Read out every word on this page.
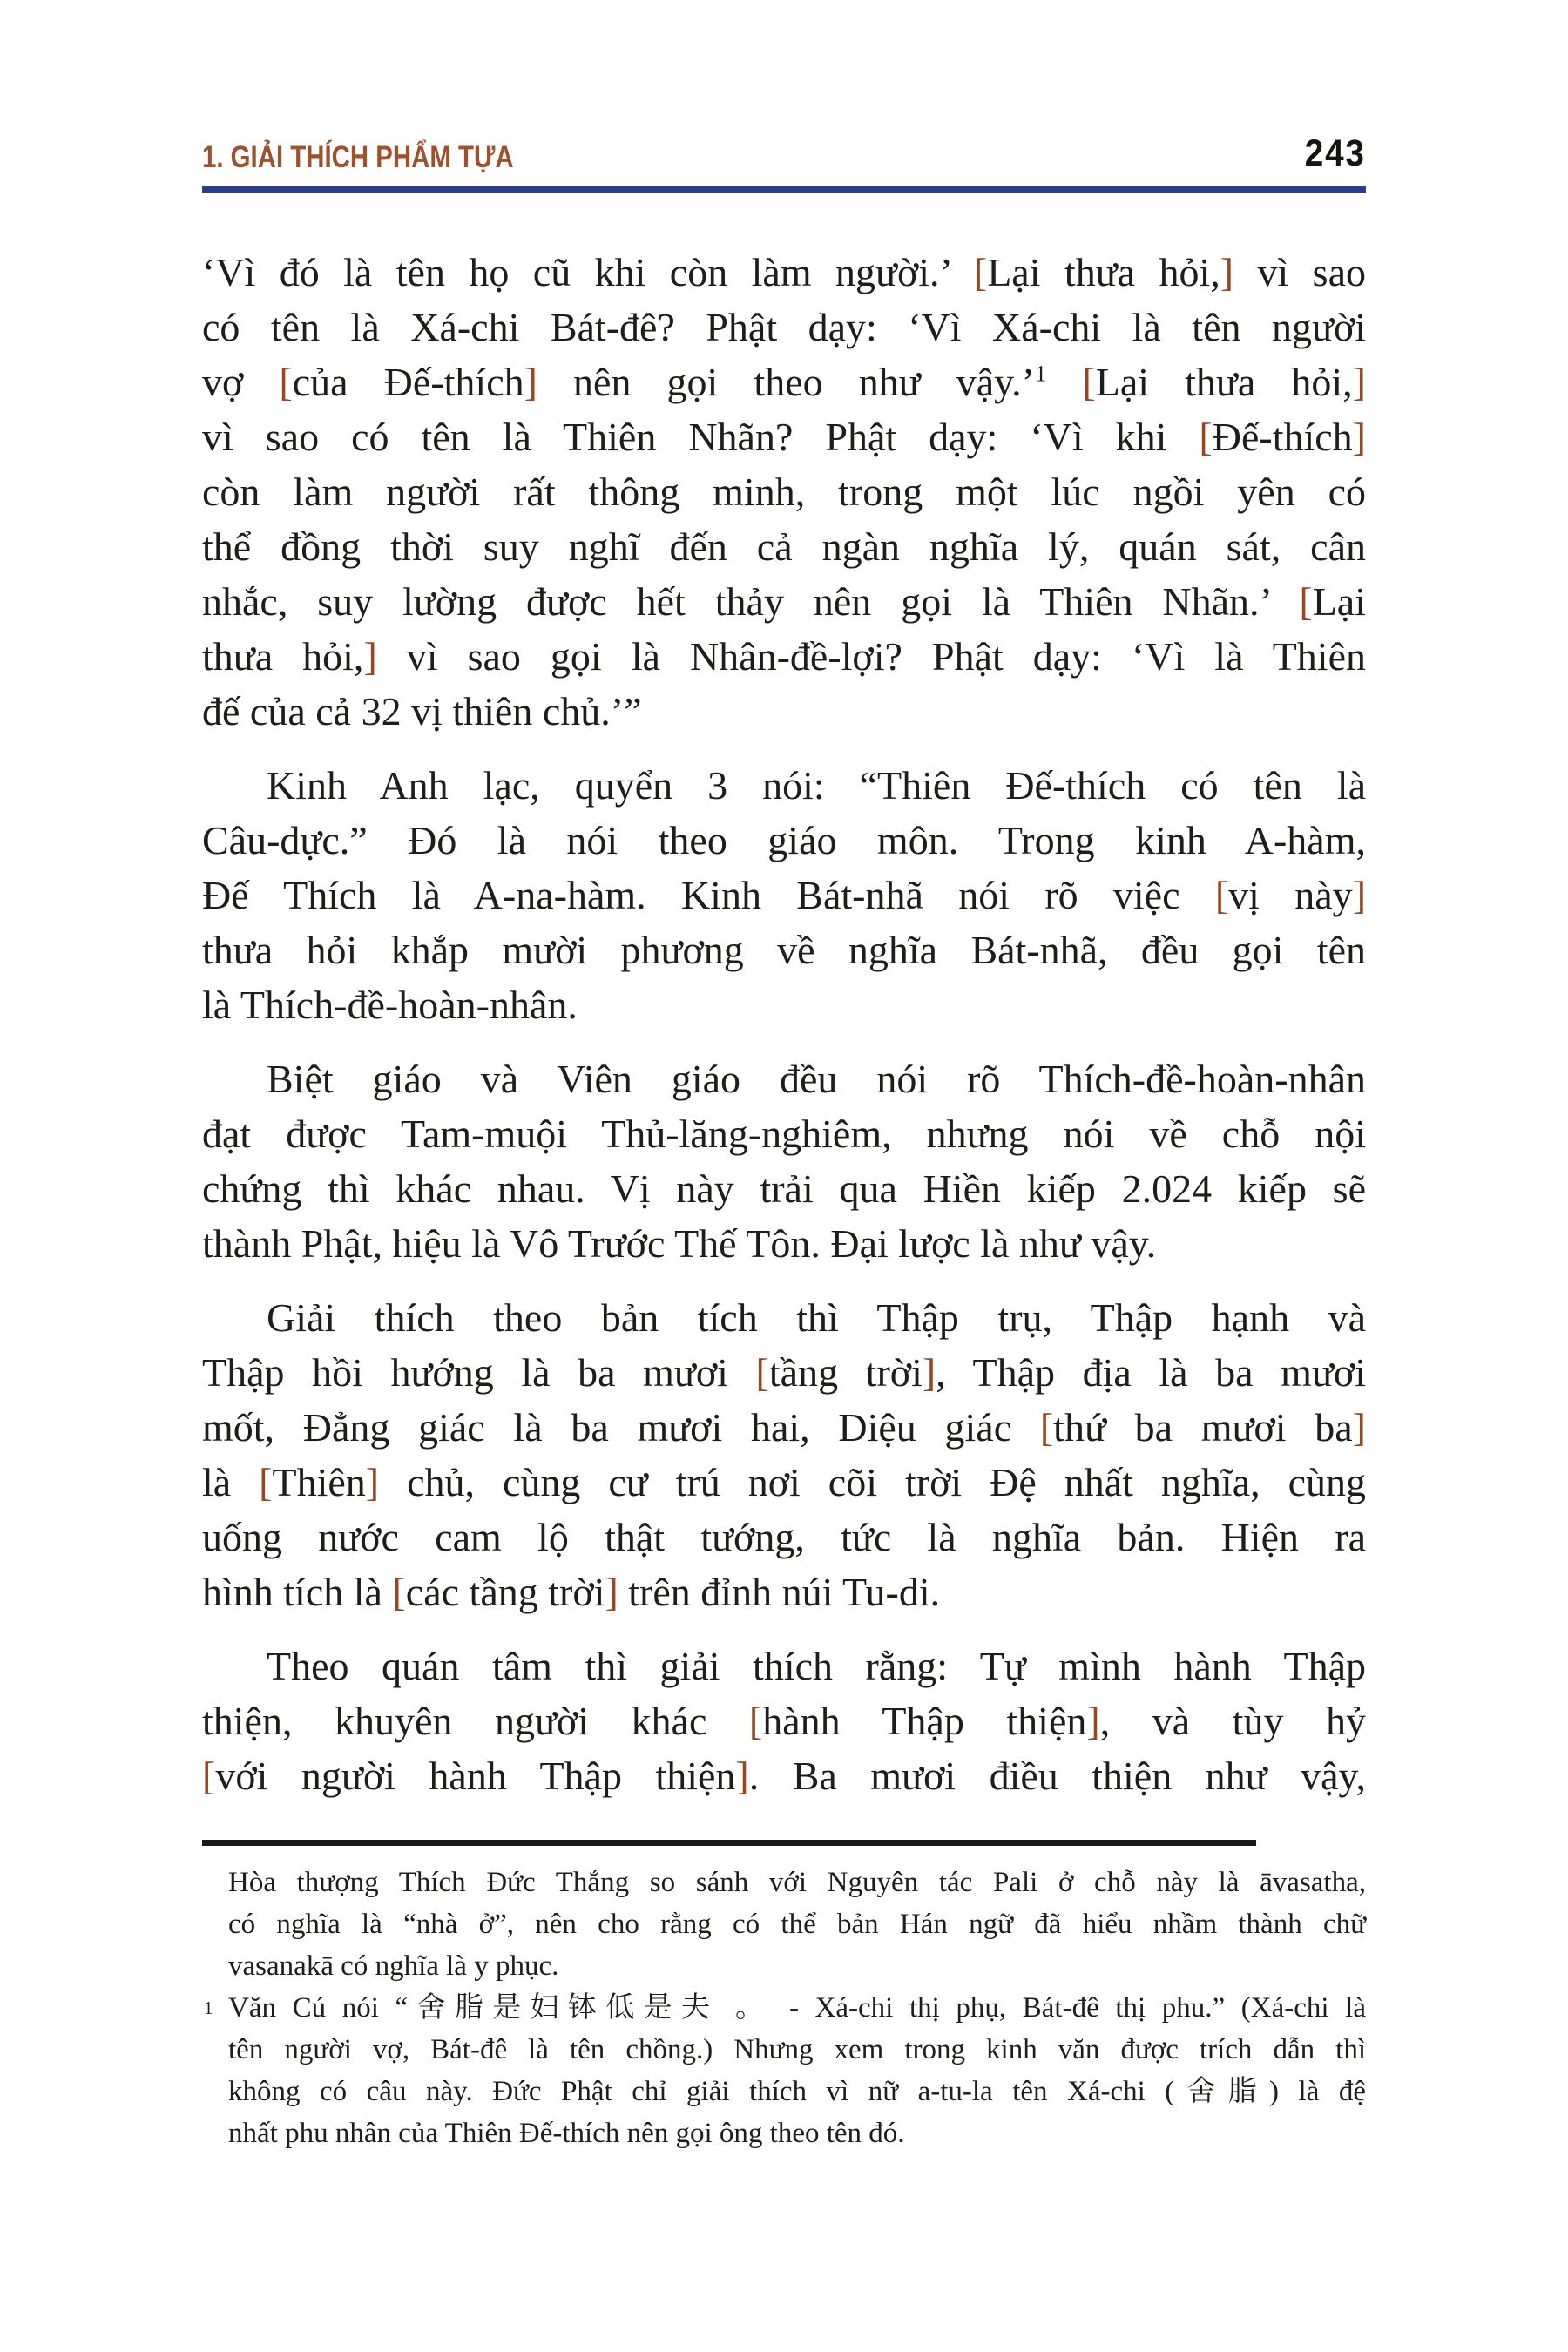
1. GIẢI THÍCH PHẨM TỰA	243
‘Vì đó là tên họ cũ khi còn làm người.’ [Lại thưa hỏi,] vì sao
có tên là Xá-chi Bát-đê? Phật dạy: ‘Vì Xá-chi là tên người
vợ [của Đế-thích] nên gọi theo như vậy.’$^1$ [Lại thưa hỏi,]
vì sao có tên là Thiên Nhãn? Phật dạy: ‘Vì khi [Đế-thích]
còn làm người rất thông minh, trong một lúc ngồi yên có
thể đồng thời suy nghĩ đến cả ngàn nghĩa lý, quán sát, cân
nhắc, suy lường được hết thảy nên gọi là Thiên Nhãn.’ [Lại
thưa hỏi,] vì sao gọi là Nhân-đề-lợi? Phật dạy: ‘Vì là Thiên
đế của cả 32 vị thiên chủ.’”
Kinh Anh lạc, quyển 3 nói: “Thiên Đế-thích có tên là
Câu-dực.” Đó là nói theo giáo môn. Trong kinh A-hàm,
Đế Thích là A-na-hàm. Kinh Bát-nhã nói rõ việc [vị này]
thưa hỏi khắp mười phương về nghĩa Bát-nhã, đều gọi tên
là Thích-đề-hoàn-nhân.
Biệt giáo và Viên giáo đều nói rõ Thích-đề-hoàn-nhân
đạt được Tam-muội Thủ-lăng-nghiêm, nhưng nói về chỗ nội
chứng thì khác nhau. Vị này trải qua Hiền kiếp 2.024 kiếp sẽ
thành Phật, hiệu là Vô Trước Thế Tôn. Đại lược là như vậy.
Giải thích theo bản tích thì Thập trụ, Thập hạnh và
Thập hồi hướng là ba mươi [tầng trời], Thập địa là ba mươi
mốt, Đẳng giác là ba mươi hai, Diệu giác [thứ ba mươi ba]
là [Thiên] chủ, cùng cư trú nơi cõi trời Đệ nhất nghĩa, cùng
uống nước cam lộ thật tướng, tức là nghĩa bản. Hiện ra
hình tích là [các tầng trời] trên đỉnh núi Tu-di.
Theo quán tâm thì giải thích rằng: Tự mình hành Thập
thiện, khuyên người khác [hành Thập thiện], và tùy hỷ
[với người hành Thập thiện]. Ba mươi điều thiện như vậy,
Hòa thượng Thích Đức Thắng so sánh với Nguyên tác Pali ở chỗ này là āvasatha,
có nghĩa là “nhà ở”, nên cho rằng có thể bản Hán ngữ đã hiểu nhầm thành chữ
vasanakā có nghĩa là y phục.
1 Văn Cú nói “舍脂是妇钵低是夫 。 - Xá-chi thị phụ, Bát-đê thị phu.” (Xá-chi là
tên người vợ, Bát-đê là tên chồng.) Nhưng xem trong kinh văn được trích dẫn thì
không có câu này. Đức Phật chỉ giải thích vì nữ a-tu-la tên Xá-chi (舍脂) là đệ
nhất phu nhân của Thiên Đế-thích nên gọi ông theo tên đó.
